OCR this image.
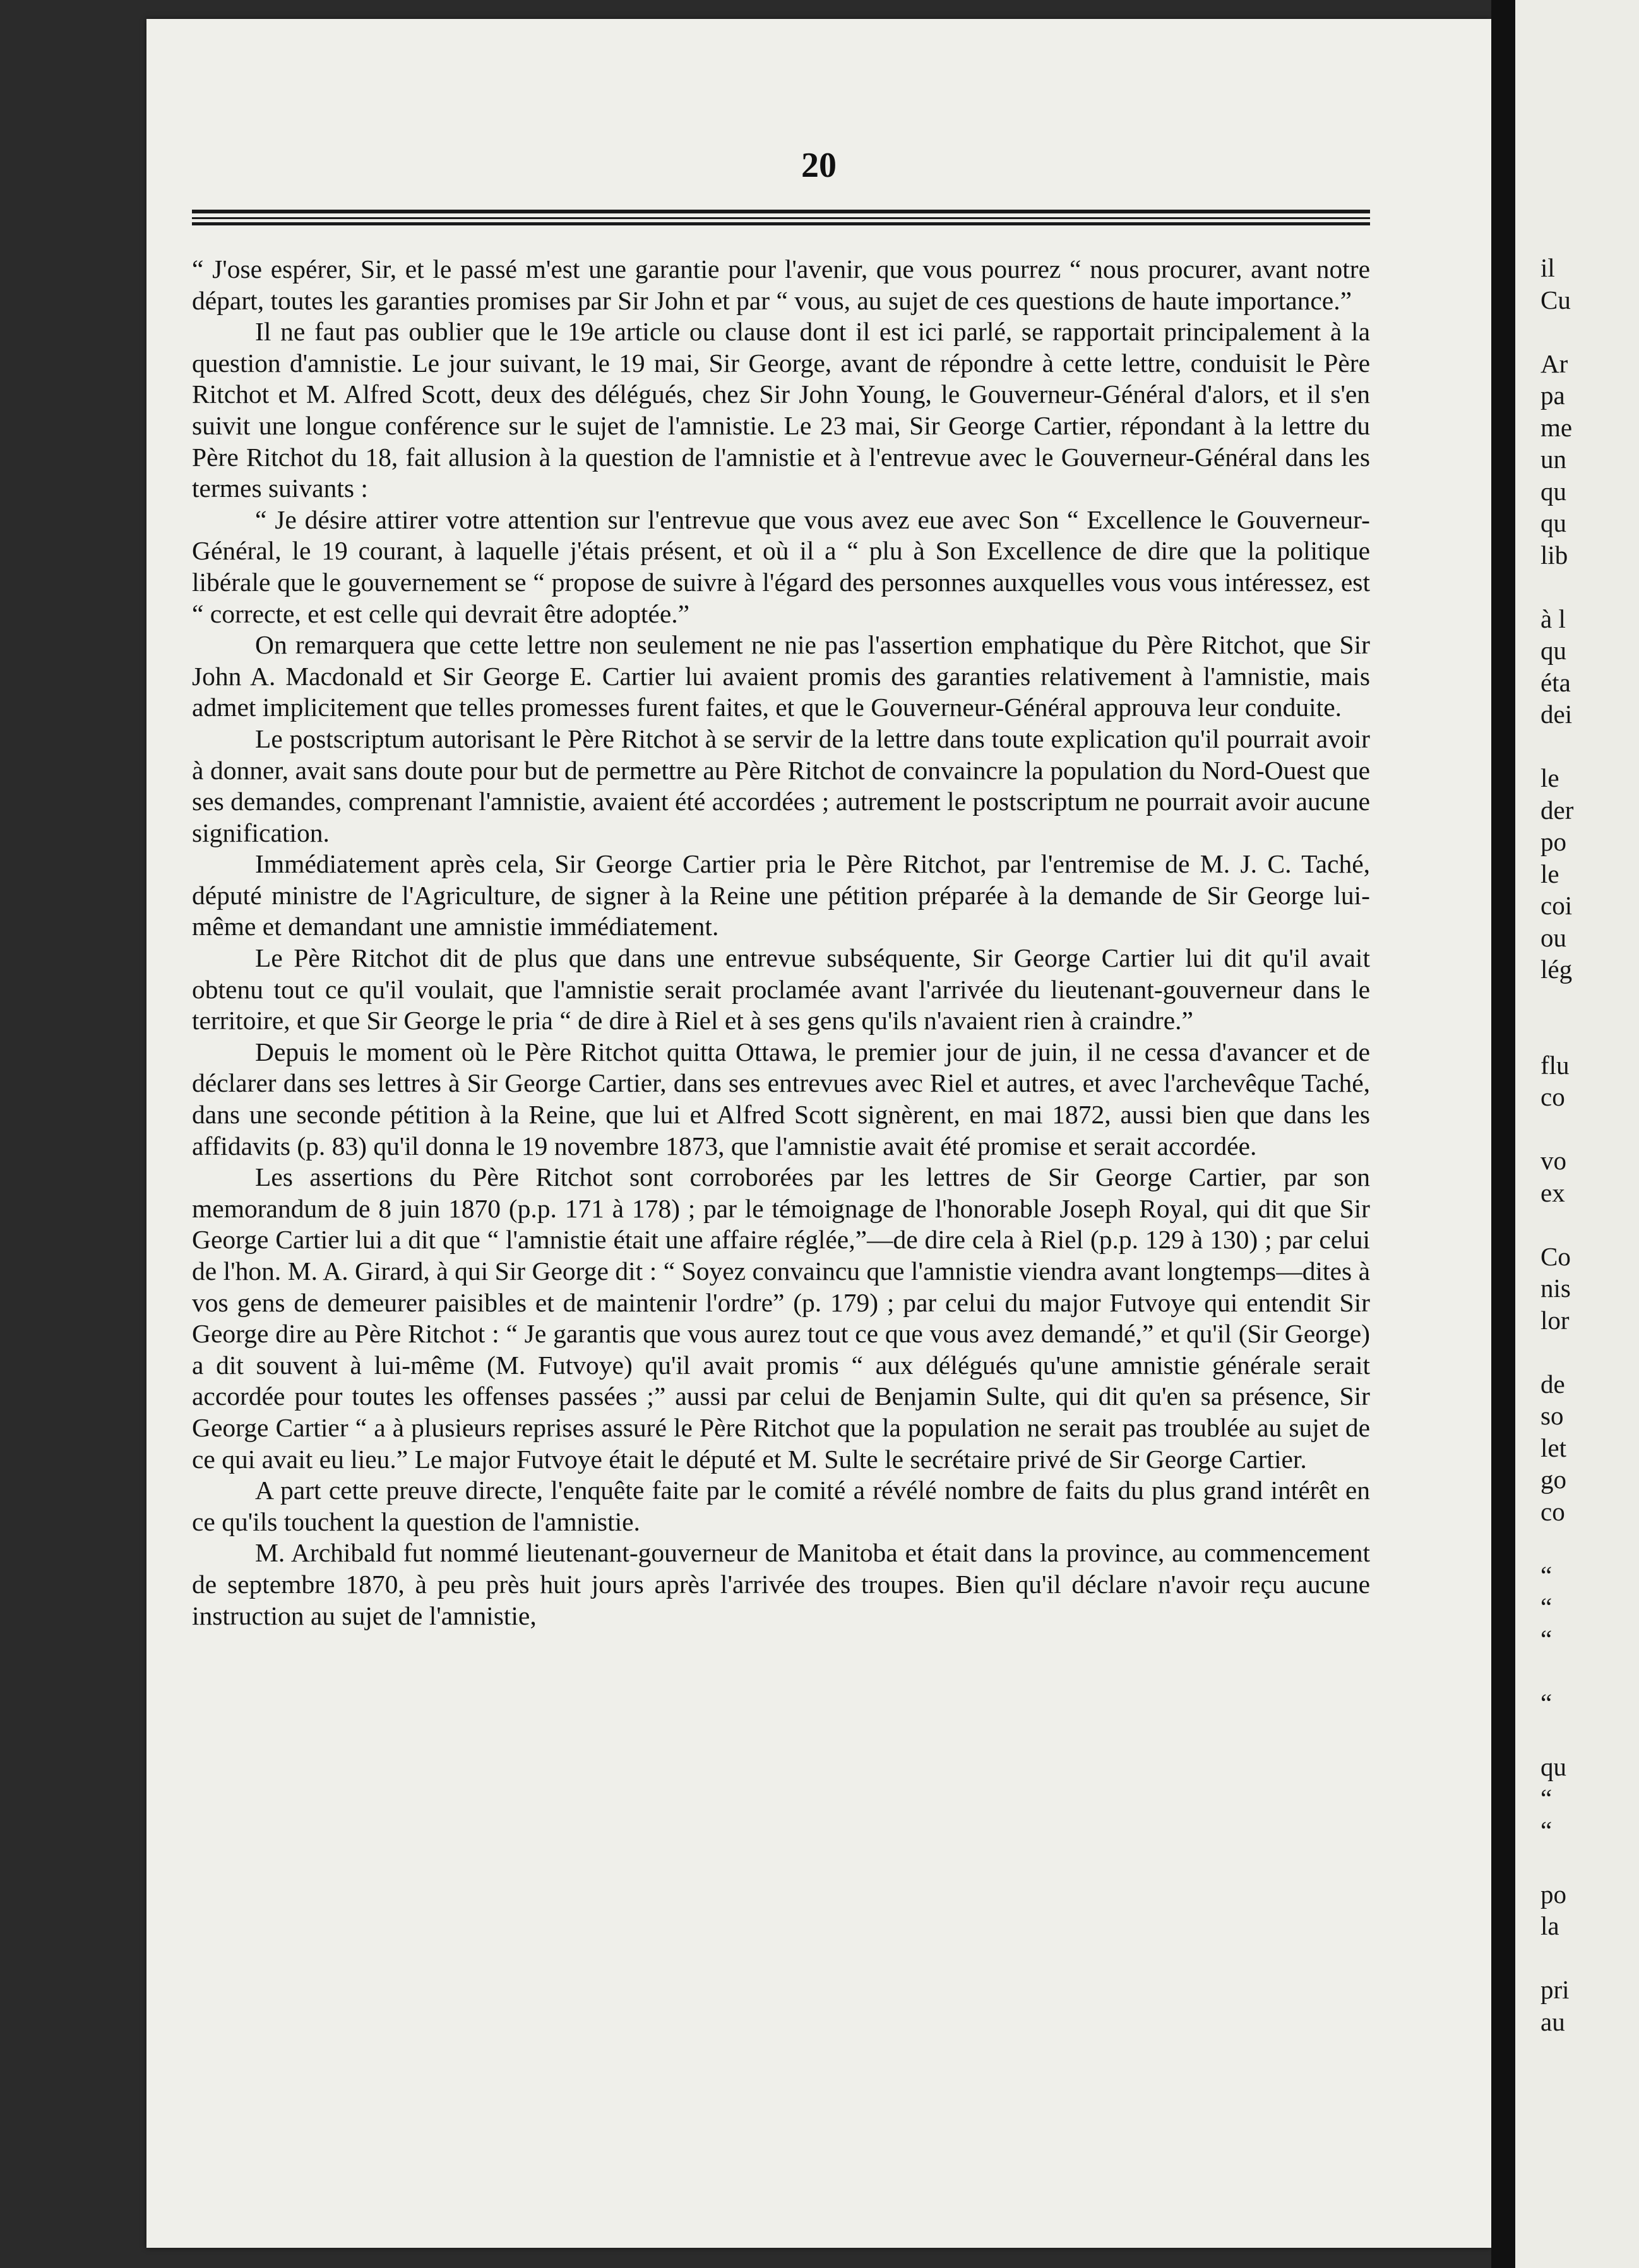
20

“ J'ose espérer, Sir, et le passé m'est une garantie pour l'avenir, que vous pourrez “ nous procurer, avant notre départ, toutes les garanties promises par Sir John et par “ vous, au sujet de ces questions de haute importance.”

Il ne faut pas oublier que le 19e article ou clause dont il est ici parlé, se rapportait principalement à la question d'amnistie. Le jour suivant, le 19 mai, Sir George, avant de répondre à cette lettre, conduisit le Père Ritchot et M. Alfred Scott, deux des délégués, chez Sir John Young, le Gouverneur-Général d'alors, et il s'en suivit une longue conférence sur le sujet de l'amnistie. Le 23 mai, Sir George Cartier, répondant à la lettre du Père Ritchot du 18, fait allusion à la question de l'amnistie et à l'entrevue avec le Gouverneur-Général dans les termes suivants :

“ Je désire attirer votre attention sur l'entrevue que vous avez eue avec Son “ Excellence le Gouverneur-Général, le 19 courant, à laquelle j'étais présent, et où il a “ plu à Son Excellence de dire que la politique libérale que le gouvernement se “ propose de suivre à l'égard des personnes auxquelles vous vous intéressez, est “ correcte, et est celle qui devrait être adoptée.”

On remarquera que cette lettre non seulement ne nie pas l'assertion emphatique du Père Ritchot, que Sir John A. Macdonald et Sir George E. Cartier lui avaient promis des garanties relativement à l'amnistie, mais admet implicitement que telles promesses furent faites, et que le Gouverneur-Général approuva leur conduite.

Le postscriptum autorisant le Père Ritchot à se servir de la lettre dans toute explication qu'il pourrait avoir à donner, avait sans doute pour but de permettre au Père Ritchot de convaincre la population du Nord-Ouest que ses demandes, comprenant l'amnistie, avaient été accordées ; autrement le postscriptum ne pourrait avoir aucune signification.

Immédiatement après cela, Sir George Cartier pria le Père Ritchot, par l'entremise de M. J. C. Taché, député ministre de l'Agriculture, de signer à la Reine une pétition préparée à la demande de Sir George lui-même et demandant une amnistie immédiatement.

Le Père Ritchot dit de plus que dans une entrevue subséquente, Sir George Cartier lui dit qu'il avait obtenu tout ce qu'il voulait, que l'amnistie serait proclamée avant l'arrivée du lieutenant-gouverneur dans le territoire, et que Sir George le pria “ de dire à Riel et à ses gens qu'ils n'avaient rien à craindre.”

Depuis le moment où le Père Ritchot quitta Ottawa, le premier jour de juin, il ne cessa d'avancer et de déclarer dans ses lettres à Sir George Cartier, dans ses entrevues avec Riel et autres, et avec l'archevêque Taché, dans une seconde pétition à la Reine, que lui et Alfred Scott signèrent, en mai 1872, aussi bien que dans les affidavits (p. 83) qu'il donna le 19 novembre 1873, que l'amnistie avait été promise et serait accordée.

Les assertions du Père Ritchot sont corroborées par les lettres de Sir George Cartier, par son memorandum de 8 juin 1870 (p.p. 171 à 178) ; par le témoignage de l'honorable Joseph Royal, qui dit que Sir George Cartier lui a dit que “ l'amnistie était une affaire réglée,”—de dire cela à Riel (p.p. 129 à 130) ; par celui de l'hon. M. A. Girard, à qui Sir George dit : “ Soyez convaincu que l'amnistie viendra avant longtemps—dites à vos gens de demeurer paisibles et de maintenir l'ordre” (p. 179) ; par celui du major Futvoye qui entendit Sir George dire au Père Ritchot : “ Je garantis que vous aurez tout ce que vous avez demandé,” et qu'il (Sir George) a dit souvent à lui-même (M. Futvoye) qu'il avait promis “ aux délégués qu'une amnistie générale serait accordée pour toutes les offenses passées ;” aussi par celui de Benjamin Sulte, qui dit qu'en sa présence, Sir George Cartier “ a à plusieurs reprises assuré le Père Ritchot que la population ne serait pas troublée au sujet de ce qui avait eu lieu.” Le major Futvoye était le député et M. Sulte le secrétaire privé de Sir George Cartier.

A part cette preuve directe, l'enquête faite par le comité a révélé nombre de faits du plus grand intérêt en ce qu'ils touchent la question de l'amnistie.

M. Archibald fut nommé lieutenant-gouverneur de Manitoba et était dans la province, au commencement de septembre 1870, à peu près huit jours après l'arrivée des troupes. Bien qu'il déclare n'avoir reçu aucune instruction au sujet de l'amnistie,

il
Cu
Ar
pa
me
un
qu
qu
lib
à l
qu
éta
dei
le
der
po
le
coi
ou
lég
flu
co
vo
ex
Co
nis
lor
de
so
let
go
co
“
“
“
“
qu
“
“
po
la
pri
au
